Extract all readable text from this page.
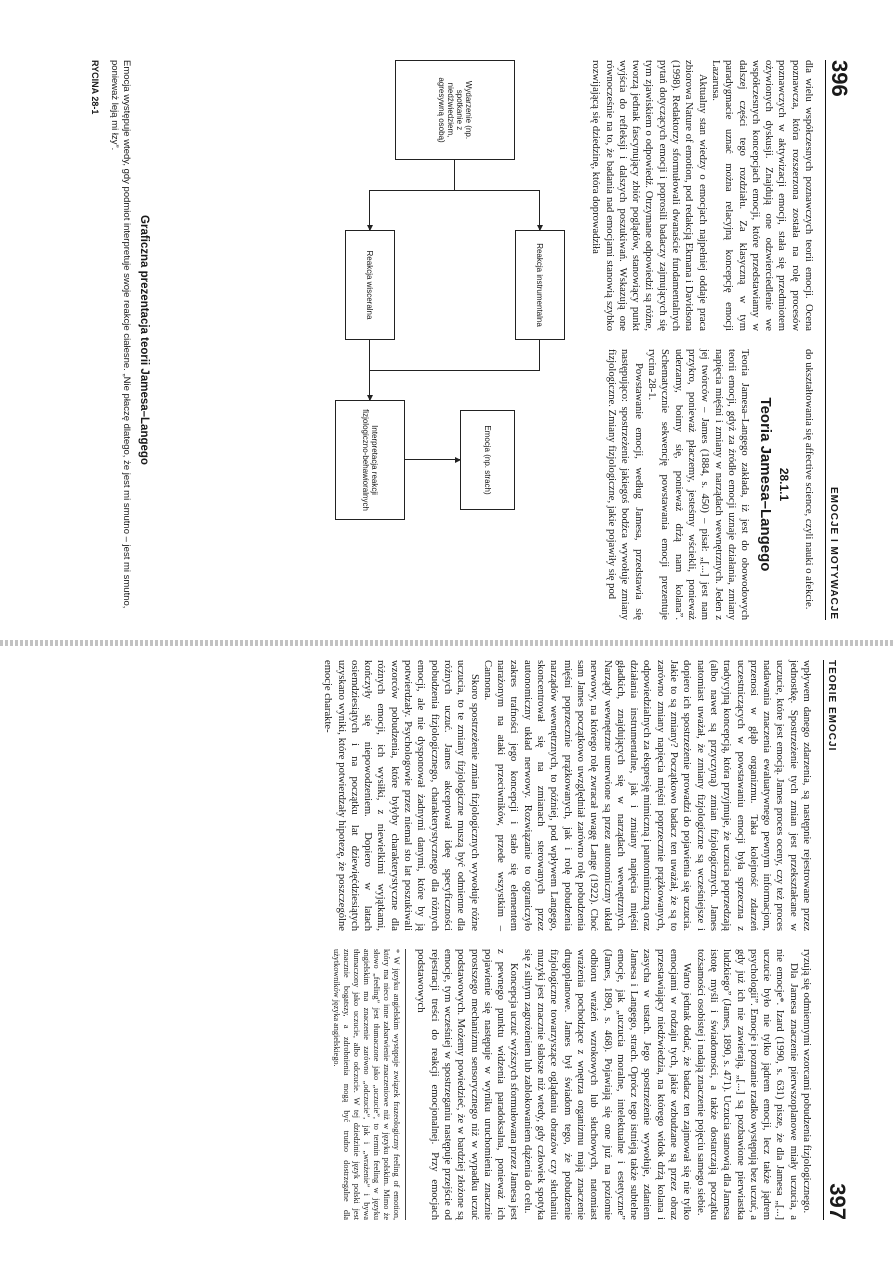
396
EMOCJE I MOTYWACJE

dla wielu współczesnych poznawczych teorii emocji. Ocena poznawcza, która rozszerzona została na rolę procesów poznawczych w aktywizacji emocji, stała się przedmiotem ożywionych dyskusji. Znajdują one odzwierciedlenie we współczesnych koncepcjach emocji, które przedstawiamy w dalszej części tego rozdziału. Za klasyczną w tym paradygmacie uznać można relacyjną koncepcję emocji Lazarusa.

Aktualny stan wiedzy o emocjach najpełniej oddaje praca zbiorowa Nature of emotion, pod redakcją Ekmana i Davidsona (1998). Redaktorzy sformułowali dwanaście fundamentalnych pytań dotyczących emocji i poprosili badaczy zajmujących się tym zjawiskiem o odpowiedź. Otrzymane odpowiedzi są różne, tworzą jednak fascynujący zbiór poglądów, stanowiący punkt wyjścia do refleksji i dalszych poszukiwań. Wskazują one równocześnie na to, że badania nad emocjami stanowią szybko rozwijającą się dziedzinę, która doprowadziła

do ukształtowania się affective science, czyli nauki o afekcie.

28.1.1
Teoria Jamesa–Langego

Teoria Jamesa–Langego zakłada, iż jest do obowodowych teorii emocji, gdyż za źródło emocji uznaje działania, zmiany napięcia mięśni i zmiany w narządach wewnętrznych. Jeden z jej twórców – James (1884, s. 450) – pisał: „[...] jest nam przykro, ponieważ płaczemy, jesteśmy wściekli, ponieważ uderzamy, boimy się, ponieważ drżą nam kolana”. Schematycznie sekwencję powstawania emocji prezentuje rycina 28-1.

Powstawanie emocji, według Jamesa, przedstawia się następująco: spostrzeżenie jakiegoś bodźca wywołuje zmiany fizjologiczne. Zmiany fizjologiczne, jakie pojawiły się pod

Wydarzenie (np. spotkanie z niedźwiedziem, agresywną osobą)
Reakcja instrumentalna
Reakcja wisceralna
Interpretacja reakcji fizjologiczno-behawioralnych	Emocja (np. strach)
Graficzna prezentacja teorii Jamesa–Langego
Emocja występuje wtedy, gdy podmiot interpretuje swoje reakcje ciałesne. „Nie płaczę dlatego, że jest mi smutno – jest mi smutno, ponieważ leją mi łzy”.
RYCINA 28-1
TEORIE EMOCJI
397

wpływem danego zdarzenia, są następnie rejestrowane przez jednostkę. Spostrzeżenie tych zmian jest przekształcane w uczucie, które jest emocją. James proces oceny, czy też proces nadawania znaczenia ewaluatywnego pewnym informacjom, przenosi w głąb organizmu. Taka kolejność zdarzeń uczestniczących w powstawaniu emocji była sprzeczna z tradycyjną koncepcją, która przyjmuje, że uczucia poprzedzają (albo nawet są przyczyną) zmian fizjologicznych. James natomiast uważał, że zmiany fizjologiczne są wcześniejsze i dopiero ich spostrzeżenie prowadzi do pojawienia się uczucia. Jakie to są zmiany? Początkowo badacz ten uważał, że są to zarówno zmiany napięcia mięśni poprzecznie prążkowanych, odpowiedzialnych za ekspresję mimiczną i pantomimiczną oraz działania instrumentalne, jak i zmiany napięcia mięśni gładkich, znajdujących się w narządach wewnętrznych. Narządy wewnętrzne unerwione są przez autonomiczny układ nerwowy, na którego rolę zwracał uwagę Lange (1922). Choć sam James początkowo uwzględniał zarówno rolę pobudzenia mięśni poprzecznie prążkowanych, jak i rolę pobudzenia narządów wewnętrznych, to później, pod wpływem Langego, skoncentrował się na zmianach sterowanych przez autonomiczny układ nerwowy. Rozwiązanie to ograniczyło zakres trafności jego koncepcji i stało się elementem narażonym na ataki przeciwników, przede wszystkim – Cannona.

Skoro spostrzeżenie zmian fizjologicznych wywołuje różne uczucia, to te zmiany fizjologiczne muszą być odmienne dla różnych uczuć. James akceptował ideę specyficzności pobudzenia fizjologicznego, charakterystycznego dla różnych emocji, ale nie dysponował żadnymi danymi, które by ją potwierdzały. Psychologowie przez niemal sto lat poszukiwali wzorców pobudzenia, które byłyby charakterystyczne dla różnych emocji, ich wysiłki, z niewielkimi wyjątkami, kończyły się niepowodzeniem. Dopiero w latach osiemdziesiątych i na początku lat dziewięćdziesiątych uzyskano wyniki, które potwierdzały hipotezę, że poszczególne emocje charakte-

ryzują się odmiennymi wzorcami pobudzenia fizjologicznego.

Dla Jamesa znaczenie pierwszoplanowe miały uczucia, a nie emocje*. Izard (1990, s. 631) pisze, że dla Jamesa „[...] uczucie było nie tylko jądrem emocji, lecz także jądrem psychologii”. Emocje i poznanie rzadko występują bez uczuć, a gdy już ich nie zawierają, „[...] są pozbawione pierwiastka ludzkiego” (James, 1890, s. 471). Uczucia stanowią dla Jamesa istotę myśli i świadomości, a także dostarczają początku tożsamości osobistej i nadają znaczenie pojęciu samego siebie.

Warto jednak dodać, że badacz ten zajmował się nie tylko emocjami w rodzaju tych, jakie wzbudzane są przez obraz przestawiający niedźwiedzia, na którego widok drżą kolana i zasycha w ustach. Jego spostrzeżenie wywołuje, zdaniem Jamesa i Langego, strach. Oprócz tego istnieją także subtelne emocje, jak „uczucia moralne, intelektualne i estetyczne” (James, 1890, s. 468). Pojawiają się one już na poziomie odbioru wrażeń wzrokowych lub słuchowych, natomiast wrażenia pochodzące z wnętrza organizmu mają znaczenie drugoplanowe. James był świadom tego, że pobudzenie fizjologiczne towarzyszące oglądaniu obrazów czy słuchaniu muzyki jest znacznie słabsze niż wtedy, gdy człowiek spotyka się z silnym zagrożeniem lub zablokowaniem dążenia do celu.

Koncepcja uczuć wyższych sformułowana przez Jamesa jest z pewnego punktu widzenia paradoksalna, ponieważ ich pojawienie się następuje w wyniku uruchomienia znacznie prostszego mechanizmu sensorycznego niż w wypadku uczuć podstawowych. Możemy powiedzieć, że w bardziej złożone są emocje, tym wcześniej w spostrzeganiu następuje przejście od rejestracji treści do reakcji emocjonalnej. Przy emocjach podstawowych

* W języku angielskim występuje związek frazeologiczny feeling of emotion, który ma nieco inne zabarwienie znaczeniowe niż w języku polskim. Mimo że słowo „feeling” jest tłumaczone jako „uczucie”, to termin feeling w języku angielskim ma znaczenie zarówno „odczucie”, jak i „wrażenie” i bywa tłumaczony jako uczucie, albo odczucie. W tej dziedzinie język polski jest znacznie bogatszy, a zdrobnienia mogą być trudno dostrzegalne dla użytkowników języka angielskiego.
